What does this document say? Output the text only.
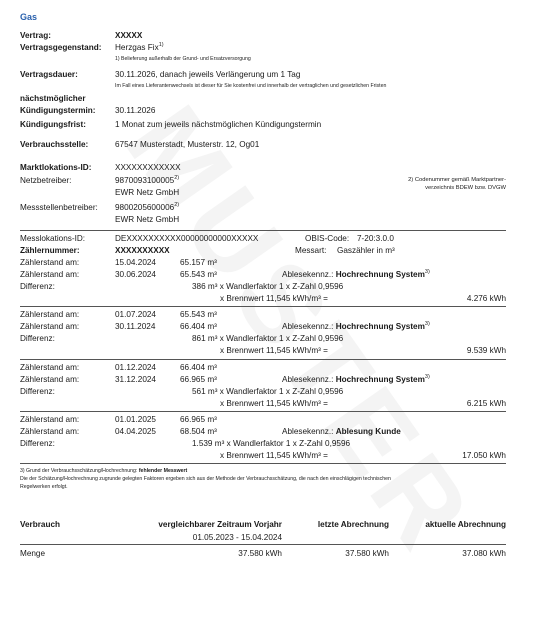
Gas
Vertrag:	XXXXX
Vertragsgegenstand: Herzgas Fix$^{1)}$
1) Belieferung außerhalb der Grund- und Ersatzversorgung
Vertragsdauer:	30.11.2026, danach jeweils Verlängerung um 1 Tag
Im Fall eines Lieferantenwechsels ist dieser für Sie kostenfrei und innerhalb der vertraglichen und gesetzlichen Fristen
nächstmöglicher
Kündigungstermin: 30.11.2026
Kündigungsfrist:	1 Monat zum jeweils nächstmöglichen Kündigungstermin
Verbrauchsstelle:	67547 Musterstadt, Musterstr. 12, Og01
Marktlokations-ID:	XXXXXXXXXXXX
Netzbetreiber:	9870093100005$^{2)}$
EWR Netz GmbH
Messstellenbetreiber: 9800205600006$^{2)}$
EWR Netz GmbH
2) Codenummer gemäß Marktpartner-
verzeichnis BDEW bzw. DVGW
Messlokations-ID:	DEXXXXXXXXXX00000000000XXXXX	OBIS-Code: 7-20:3.0.0
Zählernummer:	XXXXXXXXXX	Messart: Gaszähler in m³
Zählerstand am:	15.04.2024	65.157 m³
Zählerstand am:	30.06.2024	65.543 m³	Ablesekennz.: Hochrechnung System$^{3)}$
Differenz:	386 m³ x Wandlerfaktor 1 x Z-Zahl 0,9596
x Brennwert 11,545 kWh/m³ =	4.276 kWh
Zählerstand am:	01.07.2024	65.543 m³
Zählerstand am:	30.11.2024	66.404 m³	Ablesekennz.: Hochrechnung System$^{3)}$
Differenz:	861 m³ x Wandlerfaktor 1 x Z-Zahl 0,9596
x Brennwert 11,545 kWh/m³ =	9.539 kWh
Zählerstand am:	01.12.2024	66.404 m³
Zählerstand am:	31.12.2024	66.965 m³	Ablesekennz.: Hochrechnung System$^{3)}$
Differenz:	561 m³ x Wandlerfaktor 1 x Z-Zahl 0,9596
x Brennwert 11,545 kWh/m³ =	6.215 kWh
Zählerstand am:	01.01.2025	66.965 m³
Zählerstand am:	04.04.2025	68.504 m³	Ablesekennz.: Ablesung Kunde
Differenz:	1.539 m³ x Wandlerfaktor 1 x Z-Zahl 0,9596
x Brennwert 11,545 kWh/m³ =	17.050 kWh
3) Grund der Verbrauchsschätzung/Hochrechnung: fehlender Messwert
Die der Schätzung/Hochrechnung zugrunde gelegten Faktoren ergeben sich aus der Methode der Verbrauchsschätzung, die nach den einschlägigen technischen
Regelwerken erfolgt.
Verbrauch	vergleichbarer Zeitraum Vorjahr	letzte Abrechnung	aktuelle Abrechnung
01.05.2023 - 15.04.2024
Menge	37.580 kWh	37.580 kWh	37.080 kWh
